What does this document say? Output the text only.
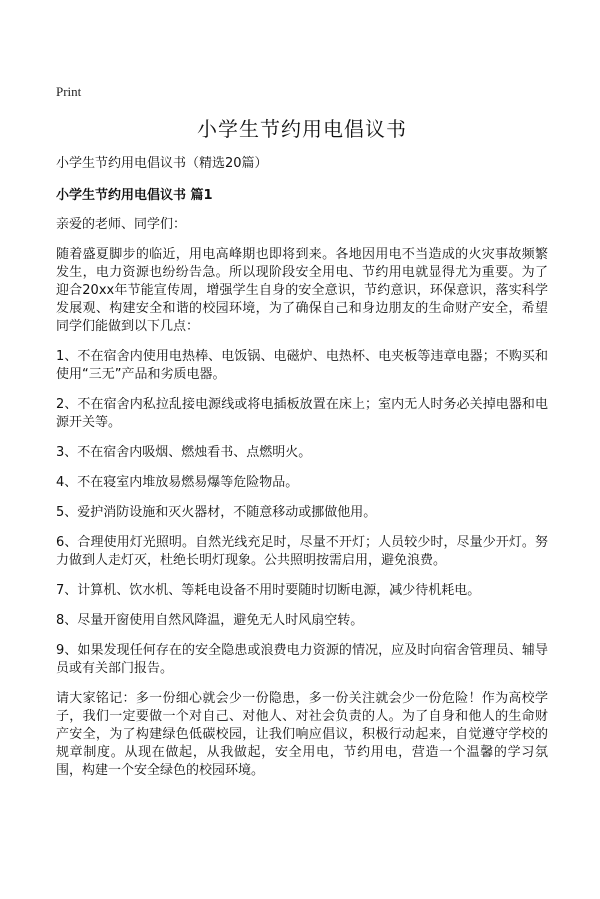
Print
小学生节约用电倡议书

小学生节约用电倡议书（精选20篇）

小学生节约用电倡议书 篇1

亲爱的老师、同学们：

随着盛夏脚步的临近，用电高峰期也即将到来。各地因用电不当造成的火灾事故频繁发生，电力资源也纷纷告急。所以现阶段安全用电、节约用电就显得尤为重要。为了迎合20xx年节能宣传周，增强学生自身的安全意识，节约意识，环保意识，落实科学发展观、构建安全和谐的校园环境，为了确保自己和身边朋友的生命财产安全，希望同学们能做到以下几点：

1、不在宿舍内使用电热棒、电饭锅、电磁炉、电热杯、电夹板等违章电器；不购买和使用“三无”产品和劣质电器。
2、不在宿舍内私拉乱接电源线或将电插板放置在床上；室内无人时务必关掉电器和电源开关等。
3、不在宿舍内吸烟、燃烛看书、点燃明火。
4、不在寝室内堆放易燃易爆等危险物品。
5、爱护消防设施和灭火器材，不随意移动或挪做他用。
6、合理使用灯光照明。自然光线充足时，尽量不开灯；人员较少时，尽量少开灯。努力做到人走灯灭，杜绝长明灯现象。公共照明按需启用，避免浪费。
7、计算机、饮水机、等耗电设备不用时要随时切断电源，减少待机耗电。
8、尽量开窗使用自然风降温，避免无人时风扇空转。
9、如果发现任何存在的安全隐患或浪费电力资源的情况，应及时向宿舍管理员、辅导员或有关部门报告。

请大家铭记：多一份细心就会少一份隐患，多一份关注就会少一份危险！作为高校学子，我们一定要做一个对自己、对他人、对社会负责的人。为了自身和他人的生命财产安全，为了构建绿色低碳校园，让我们响应倡议，积极行动起来，自觉遵守学校的规章制度。从现在做起，从我做起，安全用电，节约用电，营造一个温馨的学习氛围，构建一个安全绿色的校园环境。
